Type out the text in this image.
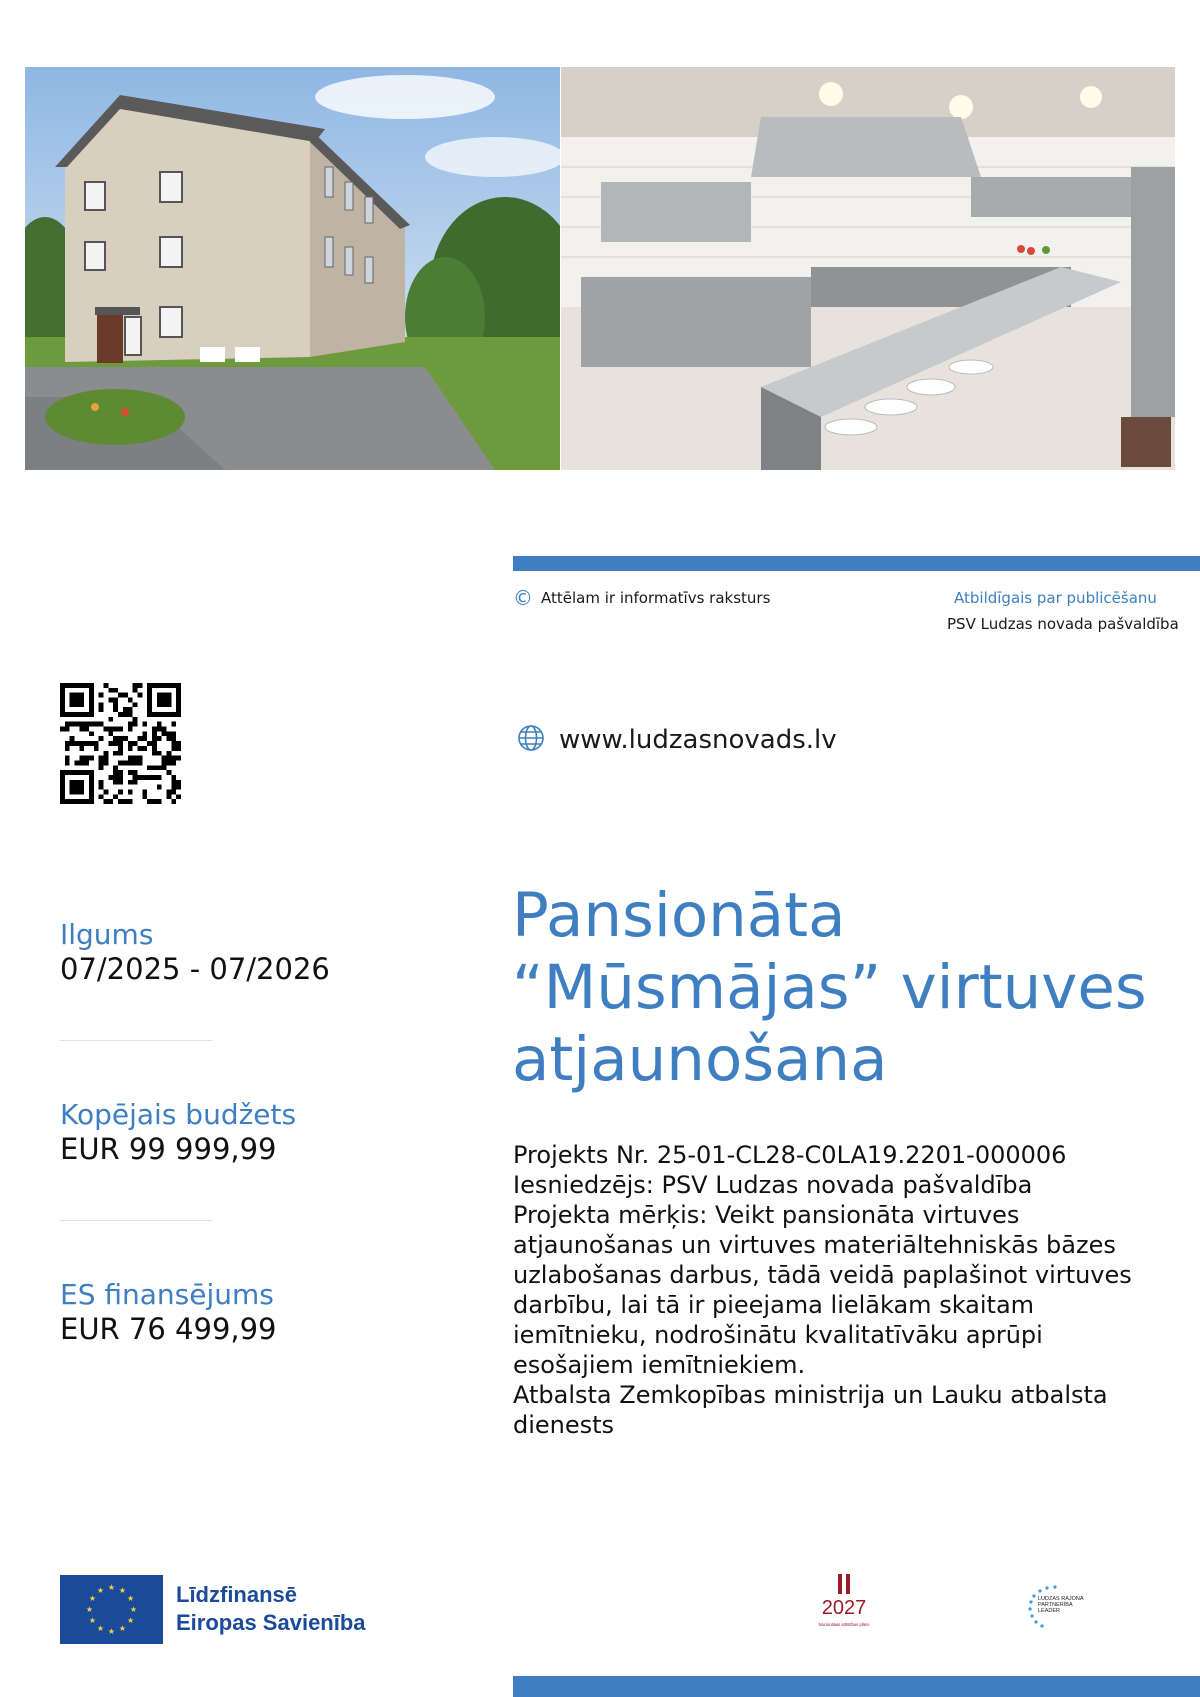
© Attēlam ir informatīvs raksturs	Atbildīgais par publicēšanu
PSV Ludzas novada pašvaldība
www.ludzasnovads.lv
Ilgums
07/2025 - 07/2026
Kopējais budžets
EUR 99 999,99
ES finansējums
EUR 76 499,99
Pansionāta
“Mūsmājas” virtuves
atjaunošana
Projekts Nr. 25-01-CL28-C0LA19.2201-000006
Iesniedzējs: PSV Ludzas novada pašvaldība
Projekta mērķis: Veikt pansionāta virtuves
atjaunošanas un virtuves materiāltehniskās bāzes
uzlabošanas darbus, tādā veidā paplašinot virtuves
darbību, lai tā ir pieejama lielākam skaitam
iemītnieku, nodrošinātu kvalitatīvāku aprūpi
esošajiem iemītniekiem.
Atbalsta Zemkopības ministrija un Lauku atbalsta
dienests
★ ★
★
★
★
★
★
★
★
★
★
★	Līdzfinansē
Eiropas Savienība
2027
Nacionālais attīstības plāns
LUDZAS RAJONA PARTNERĪBA LEADER
